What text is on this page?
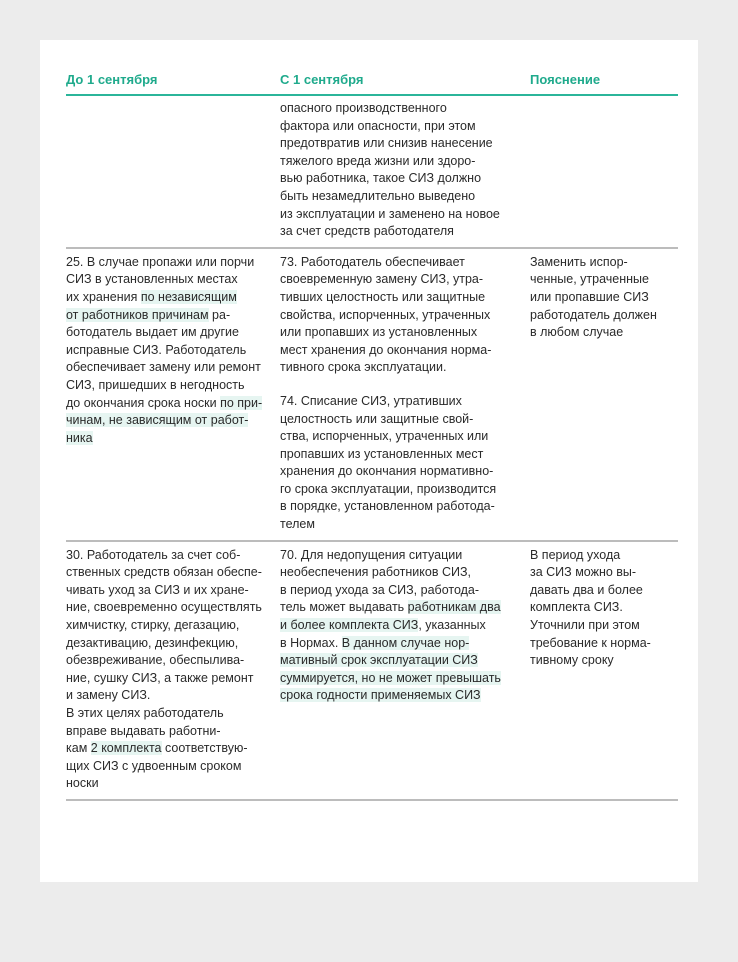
До 1 сентября	С 1 сентября	Пояснение

опасного производственного
фактора или опасности, при этом
предотвратив или снизив нанесение
тяжелого вреда жизни или здоро-
вью работника, такое СИЗ должно
быть незамедлительно выведено
из эксплуатации и заменено на новое
за счет средств работодателя

25. В случае пропажи или порчи
СИЗ в установленных местах
их хранения по независящим
от работников причинам ра-
ботодатель выдает им другие
исправные СИЗ. Работодатель
обеспечивает замену или ремонт
СИЗ, пришедших в негодность
до окончания срока носки по при-
чинам, не зависящим от работ-
ника

73. Работодатель обеспечивает
своевременную замену СИЗ, утра-
тивших целостность или защитные
свойства, испорченных, утраченных
или пропавших из установленных
мест хранения до окончания норма-
тивного срока эксплуатации.

74. Списание СИЗ, утративших
целостность или защитные свой-
ства, испорченных, утраченных или
пропавших из установленных мест
хранения до окончания нормативно-
го срока эксплуатации, производится
в порядке, установленном работода-
телем

Заменить испор-
ченные, утраченные
или пропавшие СИЗ
работодатель должен
в любом случае

30. Работодатель за счет соб-
ственных средств обязан обеспе-
чивать уход за СИЗ и их хране-
ние, своевременно осуществлять
химчистку, стирку, дегазацию,
дезактивацию, дезинфекцию,
обезвреживание, обеспылива-
ние, сушку СИЗ, а также ремонт
и замену СИЗ.
В этих целях работодатель
вправе выдавать работни-
кам 2 комплекта соответствую-
щих СИЗ с удвоенным сроком
носки

70. Для недопущения ситуации
необеспечения работников СИЗ,
в период ухода за СИЗ, работода-
тель может выдавать работникам два
и более комплекта СИЗ, указанных
в Нормах. В данном случае нор-
мативный срок эксплуатации СИЗ
суммируется, но не может превышать
срока годности применяемых СИЗ

В период ухода
за СИЗ можно вы-
давать два и более
комплекта СИЗ.
Уточнили при этом
требование к норма-
тивному сроку
